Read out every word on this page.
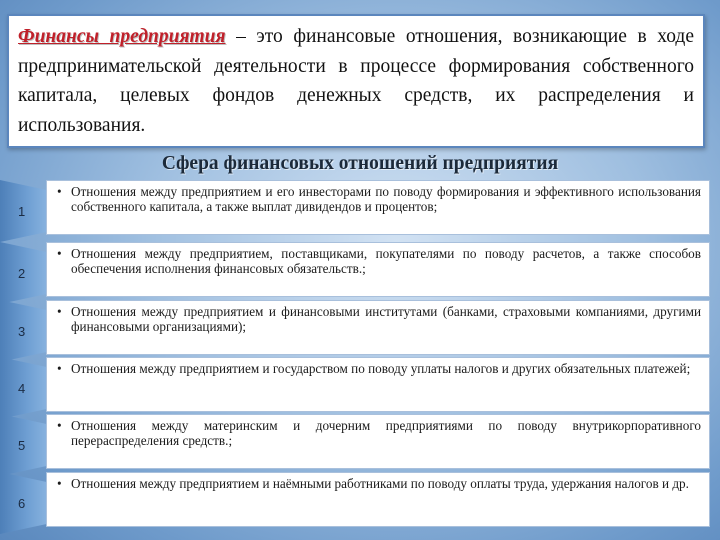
Финансы предприятия – это финансовые отношения, возникающие в ходе предпринимательской деятельности в процессе формирования собственного капитала, целевых фондов денежных средств, их распределения и использования.
Сфера финансовых отношений предприятия
1
• Отношения между предприятием и его инвесторами по поводу формирования и эффективного использования собственного капитала, а также выплат дивидендов и процентов;
2
• Отношения между предприятием, поставщиками, покупателями по поводу расчетов, а также способов обеспечения исполнения финансовых обязательств.;
3
• Отношения между предприятием и финансовыми институтами (банками, страховыми компаниями, другими финансовыми организациями);
4
• Отношения между предприятием и государством по поводу уплаты налогов и других обязательных платежей;
5
• Отношения между материнским и дочерним предприятиями по поводу внутрикорпоративного перераспределения средств.;
6
• Отношения между предприятием и наёмными работниками по поводу оплаты труда, удержания налогов и др.
